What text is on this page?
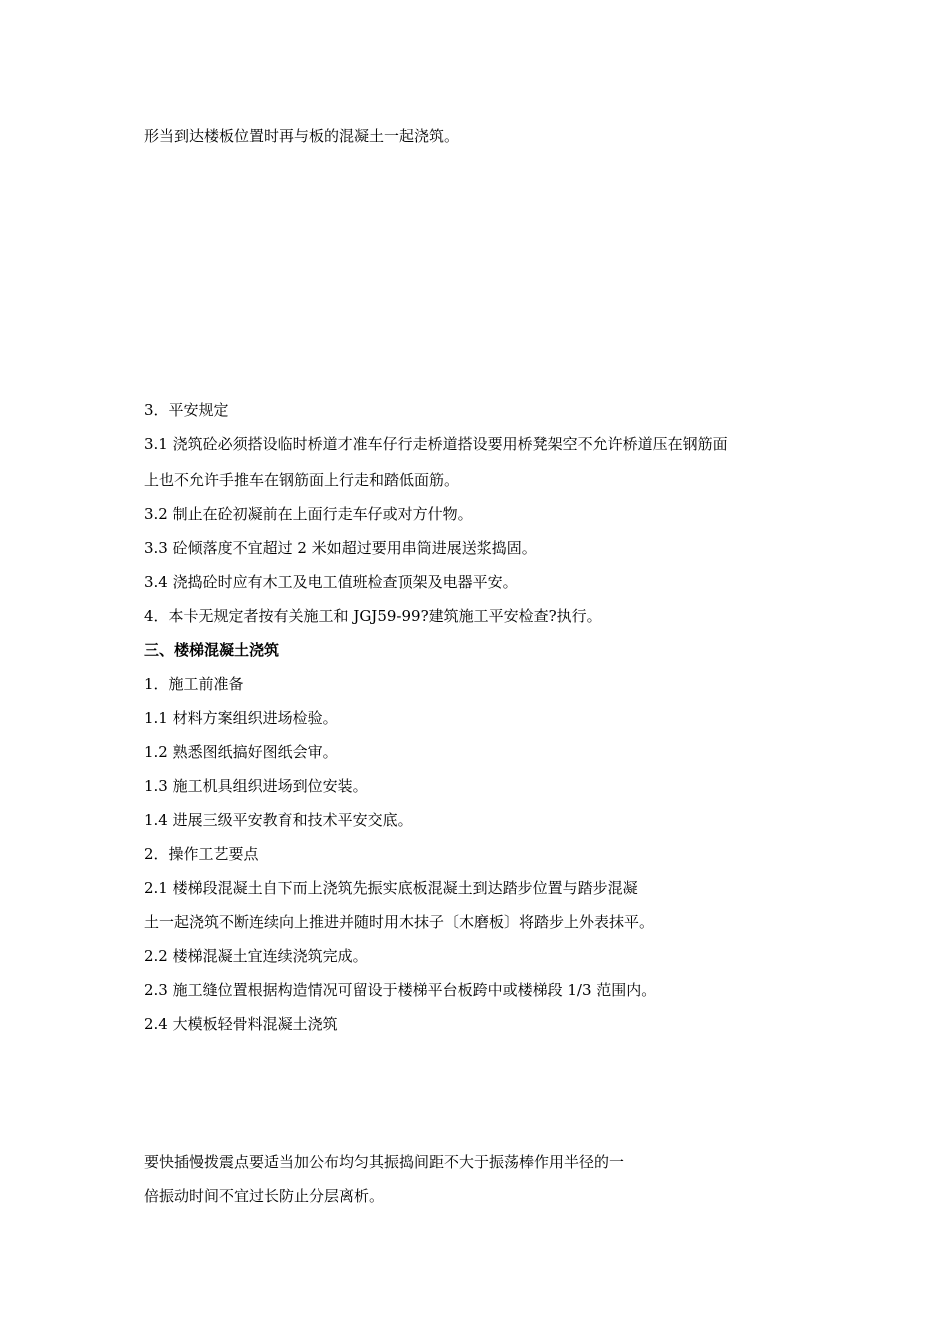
形当到达楼板位置时再与板的混凝土一起浇筑。
3．平安规定
3.1 浇筑砼必须搭设临时桥道才准车仔行走桥道搭设要用桥凳架空不允许桥道压在钢筋面
上也不允许手推车在钢筋面上行走和踏低面筋。
3.2 制止在砼初凝前在上面行走车仔或对方什物。
3.3 砼倾落度不宜超过 2 米如超过要用串筒进展送浆捣固。
3.4 浇捣砼时应有木工及电工值班检查顶架及电器平安。
4．本卡无规定者按有关施工和 JGJ59-99?建筑施工平安检查?执行。
三、楼梯混凝土浇筑
1．施工前准备
1.1 材料方案组织进场检验。
1.2 熟悉图纸搞好图纸会审。
1.3 施工机具组织进场到位安装。
1.4 进展三级平安教育和技术平安交底。
2．操作工艺要点
2.1 楼梯段混凝土自下而上浇筑先振实底板混凝土到达踏步位置与踏步混凝
土一起浇筑不断连续向上推进并随时用木抹子〔木磨板〕将踏步上外表抹平。
2.2 楼梯混凝土宜连续浇筑完成。
2.3 施工缝位置根据构造情况可留设于楼梯平台板跨中或楼梯段 1/3 范围内。
2.4 大模板轻骨料混凝土浇筑
要快插慢拨震点要适当加公布均匀其振捣间距不大于振荡棒作用半径的一
倍振动时间不宜过长防止分层离析。
